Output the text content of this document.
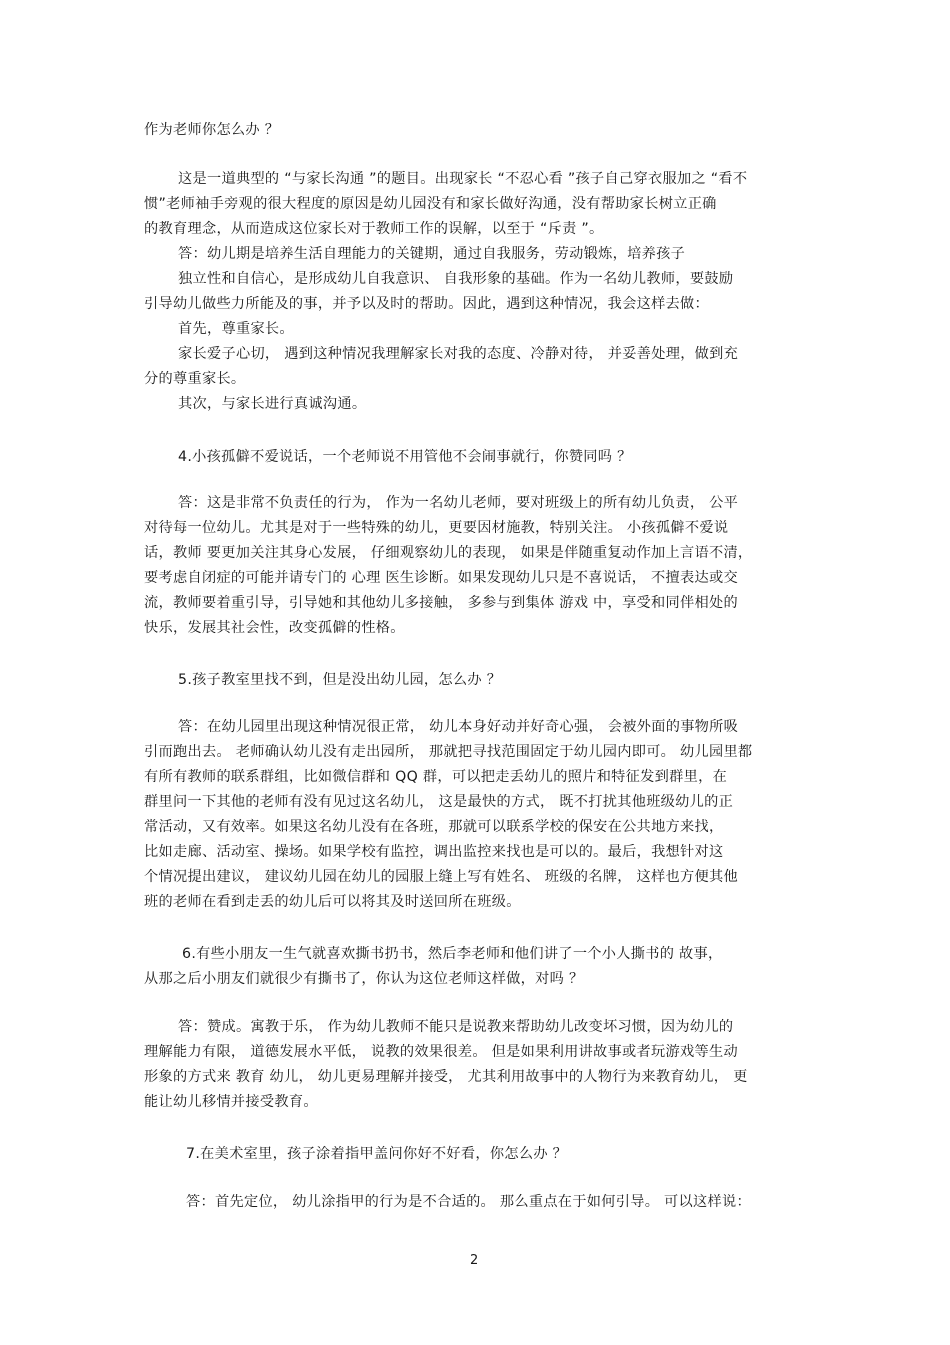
作为老师你怎么办 ？
这是一道典型的 “与家长沟通 ”的题目。出现家长 “不忍心看 ”孩子自己穿衣服加之 “看不
惯”老师袖手旁观的很大程度的原因是幼儿园没有和家长做好沟通，没有帮助家长树立正确
的教育理念，从而造成这位家长对于教师工作的误解，以至于 “斥责 ”。
答：幼儿期是培养生活自理能力的关键期，通过自我服务，劳动锻炼，培养孩子
独立性和自信心，是形成幼儿自我意识、 自我形象的基础。作为一名幼儿教师，要鼓励
引导幼儿做些力所能及的事，并予以及时的帮助。因此，遇到这种情况，我会这样去做：
首先，尊重家长。
家长爱子心切， 遇到这种情况我理解家长对我的态度、冷静对待， 并妥善处理，做到充
分的尊重家长。
其次，与家长进行真诚沟通。
4.小孩孤僻不爱说话，一个老师说不用管他不会闹事就行，你赞同吗 ？
答：这是非常不负责任的行为， 作为一名幼儿老师，要对班级上的所有幼儿负责， 公平
对待每一位幼儿。尤其是对于一些特殊的幼儿，更要因材施教，特别关注。 小孩孤僻不爱说
话，教师 要更加关注其身心发展， 仔细观察幼儿的表现， 如果是伴随重复动作加上言语不清，
要考虑自闭症的可能并请专门的 心理 医生诊断。如果发现幼儿只是不喜说话， 不擅表达或交
流，教师要着重引导，引导她和其他幼儿多接触， 多参与到集体 游戏 中，享受和同伴相处的
快乐，发展其社会性，改变孤僻的性格。
5.孩子教室里找不到，但是没出幼儿园，怎么办 ？
答：在幼儿园里出现这种情况很正常， 幼儿本身好动并好奇心强， 会被外面的事物所吸
引而跑出去。 老师确认幼儿没有走出园所， 那就把寻找范围固定于幼儿园内即可。 幼儿园里都
有所有教师的联系群组，比如微信群和 QQ 群，可以把走丢幼儿的照片和特征发到群里，在
群里问一下其他的老师有没有见过这名幼儿， 这是最快的方式， 既不打扰其他班级幼儿的正
常活动，又有效率。如果这名幼儿没有在各班，那就可以联系学校的保安在公共地方来找，
比如走廊、活动室、操场。如果学校有监控，调出监控来找也是可以的。最后，我想针对这
个情况提出建议， 建议幼儿园在幼儿的园服上缝上写有姓名、 班级的名牌， 这样也方便其他
班的老师在看到走丢的幼儿后可以将其及时送回所在班级。
6.有些小朋友一生气就喜欢撕书扔书，然后李老师和他们讲了一个小人撕书的 故事，
从那之后小朋友们就很少有撕书了，你认为这位老师这样做，对吗 ？
答：赞成。寓教于乐， 作为幼儿教师不能只是说教来帮助幼儿改变坏习惯，因为幼儿的
理解能力有限， 道德发展水平低， 说教的效果很差。 但是如果利用讲故事或者玩游戏等生动
形象的方式来 教育 幼儿， 幼儿更易理解并接受， 尤其利用故事中的人物行为来教育幼儿， 更
能让幼儿移情并接受教育。
7.在美术室里，孩子涂着指甲盖问你好不好看，你怎么办 ？
答：首先定位， 幼儿涂指甲的行为是不合适的。 那么重点在于如何引导。 可以这样说：
2
